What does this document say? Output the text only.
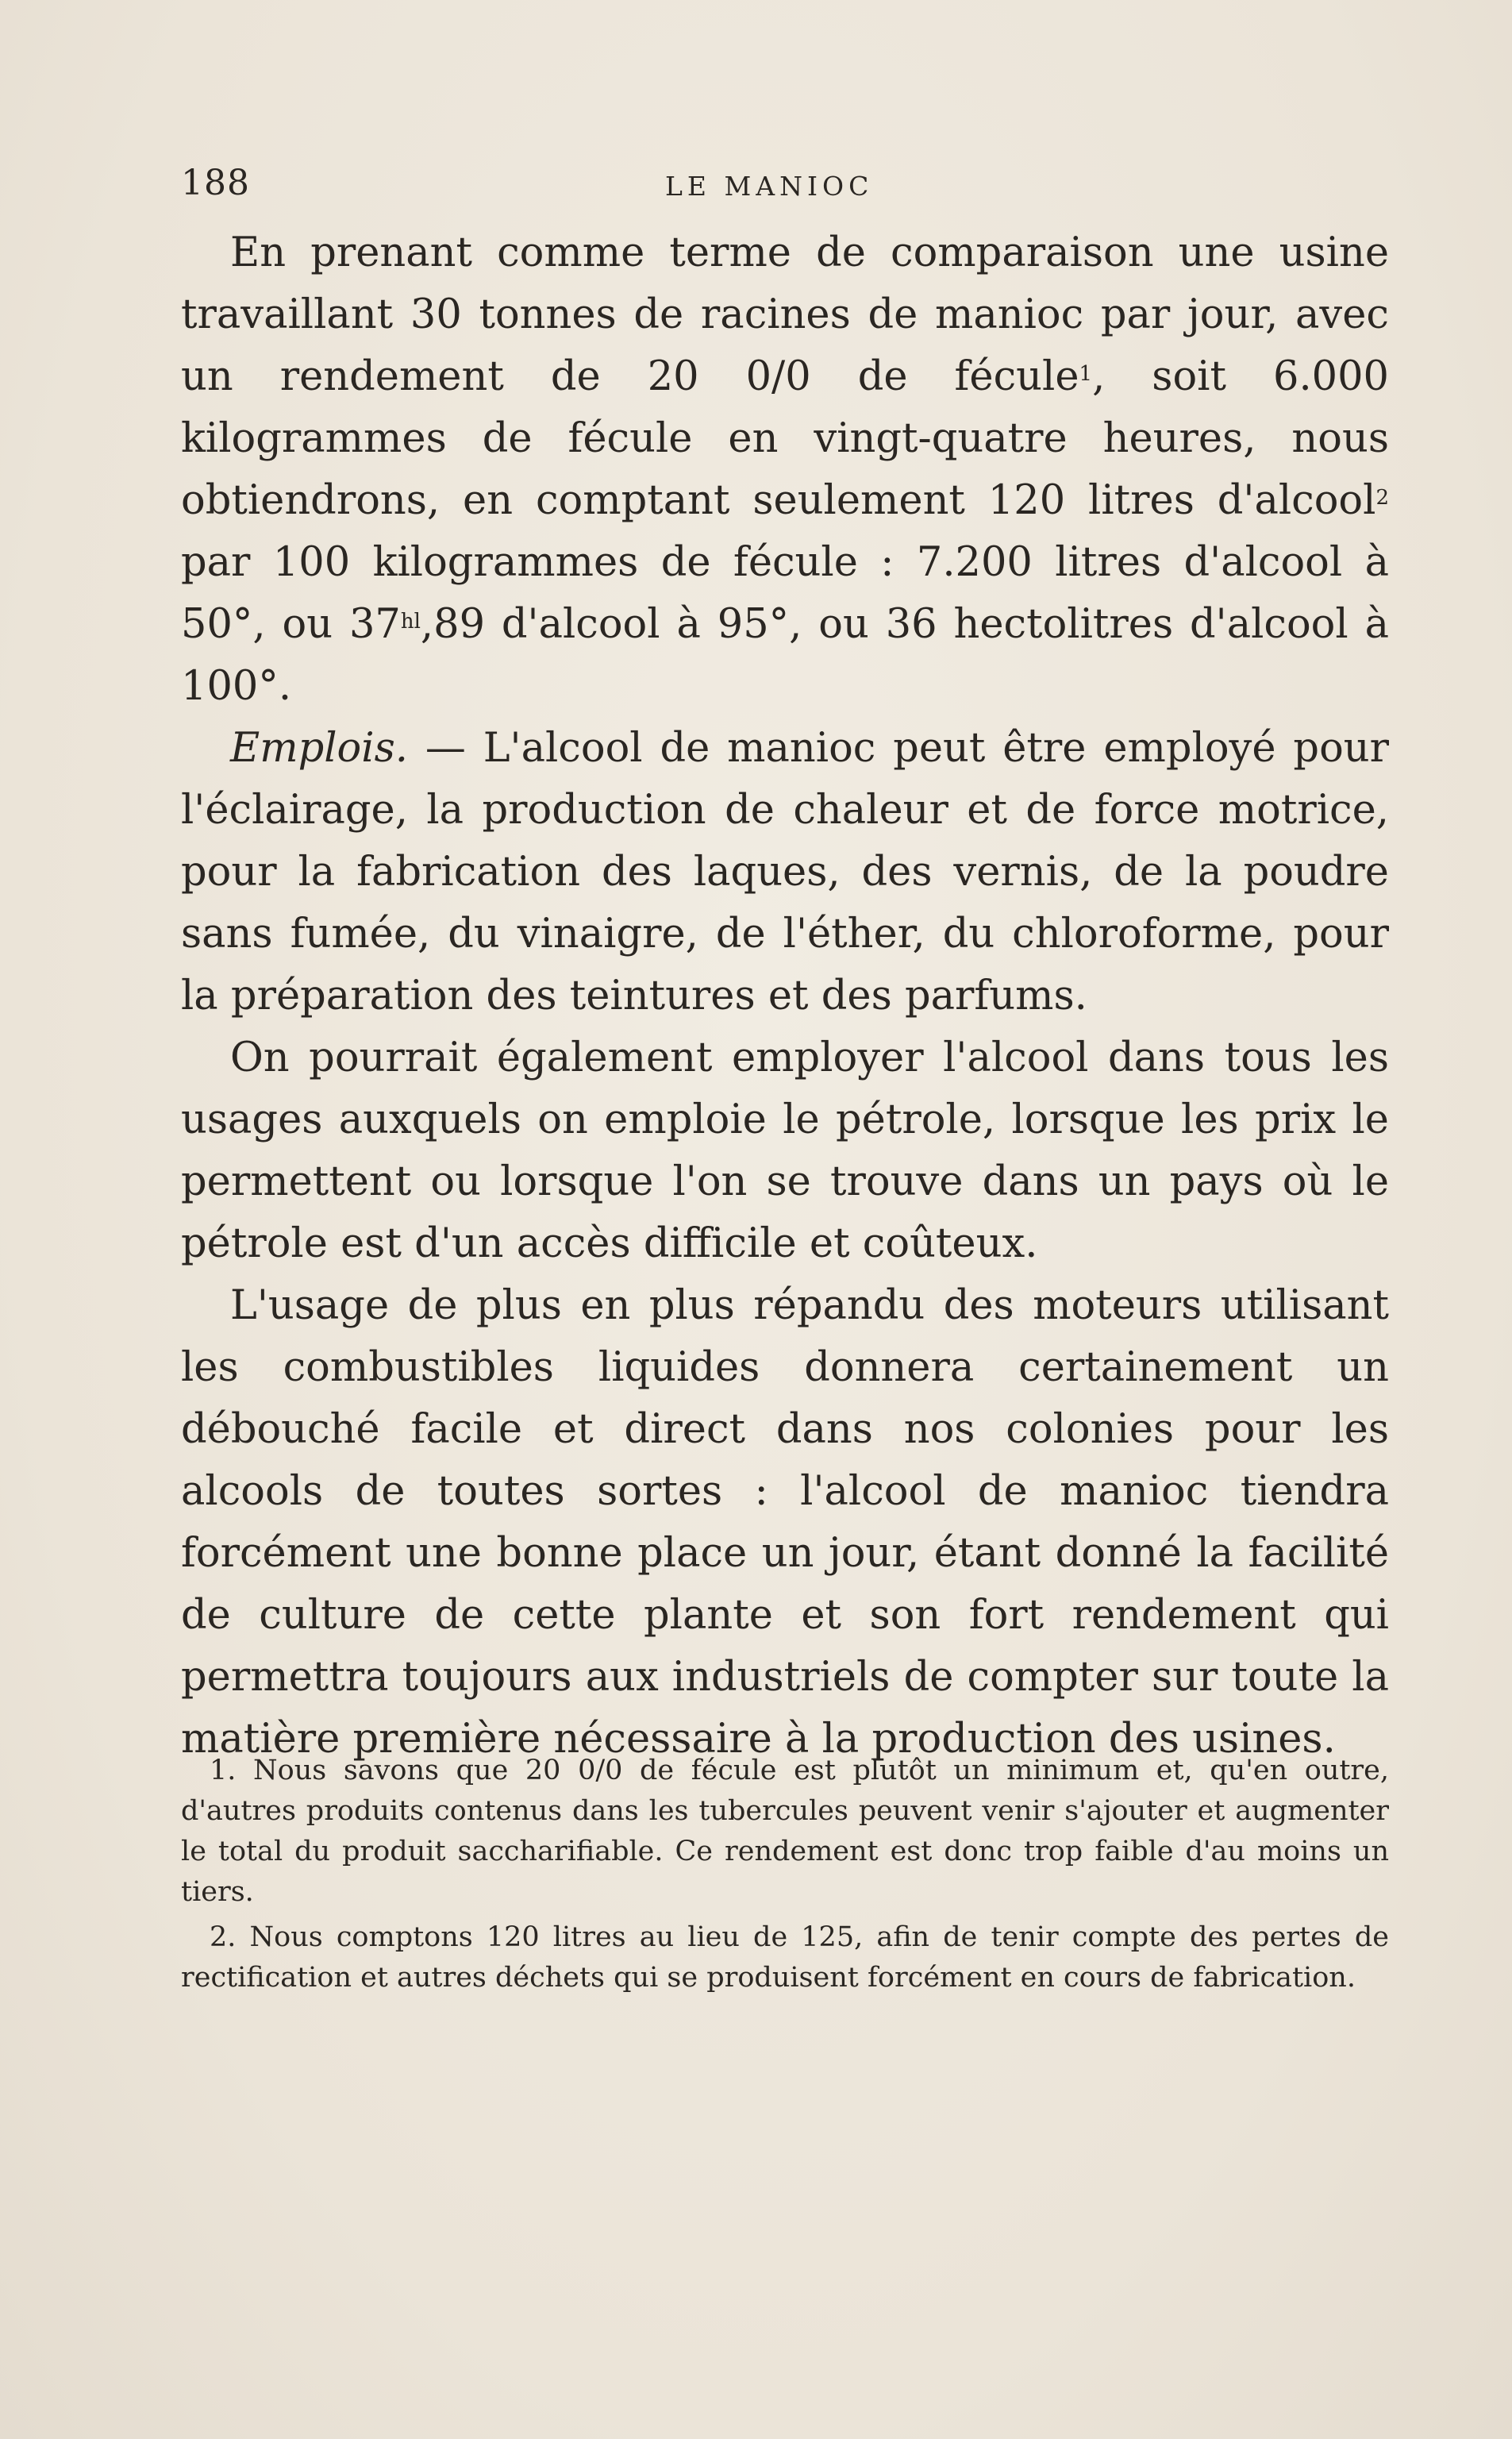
188	LE MANIOC

En prenant comme terme de comparaison une usine travaillant 30 tonnes de racines de manioc par jour, avec un rendement de 20 0/0 de fécule$^1$, soit 6.000 kilogrammes de fécule en vingt-quatre heures, nous obtiendrons, en comptant seulement 120 litres d'alcool$^2$ par 100 kilogrammes de fécule : 7.200 litres d'alcool à 50°, ou 37$^{hl}$,89 d'alcool à 95°, ou 36 hectolitres d'alcool à 100°.

Emplois. — L'alcool de manioc peut être employé pour l'éclairage, la production de chaleur et de force motrice, pour la fabrication des laques, des vernis, de la poudre sans fumée, du vinaigre, de l'éther, du chloroforme, pour la préparation des teintures et des parfums.

On pourrait également employer l'alcool dans tous les usages auxquels on emploie le pétrole, lorsque les prix le permettent ou lorsque l'on se trouve dans un pays où le pétrole est d'un accès difficile et coûteux.

L'usage de plus en plus répandu des moteurs utilisant les combustibles liquides donnera certainement un débouché facile et direct dans nos colonies pour les alcools de toutes sortes : l'alcool de manioc tiendra forcément une bonne place un jour, étant donné la facilité de culture de cette plante et son fort rendement qui permettra toujours aux industriels de compter sur toute la matière première nécessaire à la production des usines.

1. Nous savons que 20 0/0 de fécule est plutôt un minimum et, qu'en outre, d'autres produits contenus dans les tubercules peuvent venir s'ajouter et augmenter le total du produit saccharifiable. Ce rendement est donc trop faible d'au moins un tiers.

2. Nous comptons 120 litres au lieu de 125, afin de tenir compte des pertes de rectification et autres déchets qui se produisent forcément en cours de fabrication.
